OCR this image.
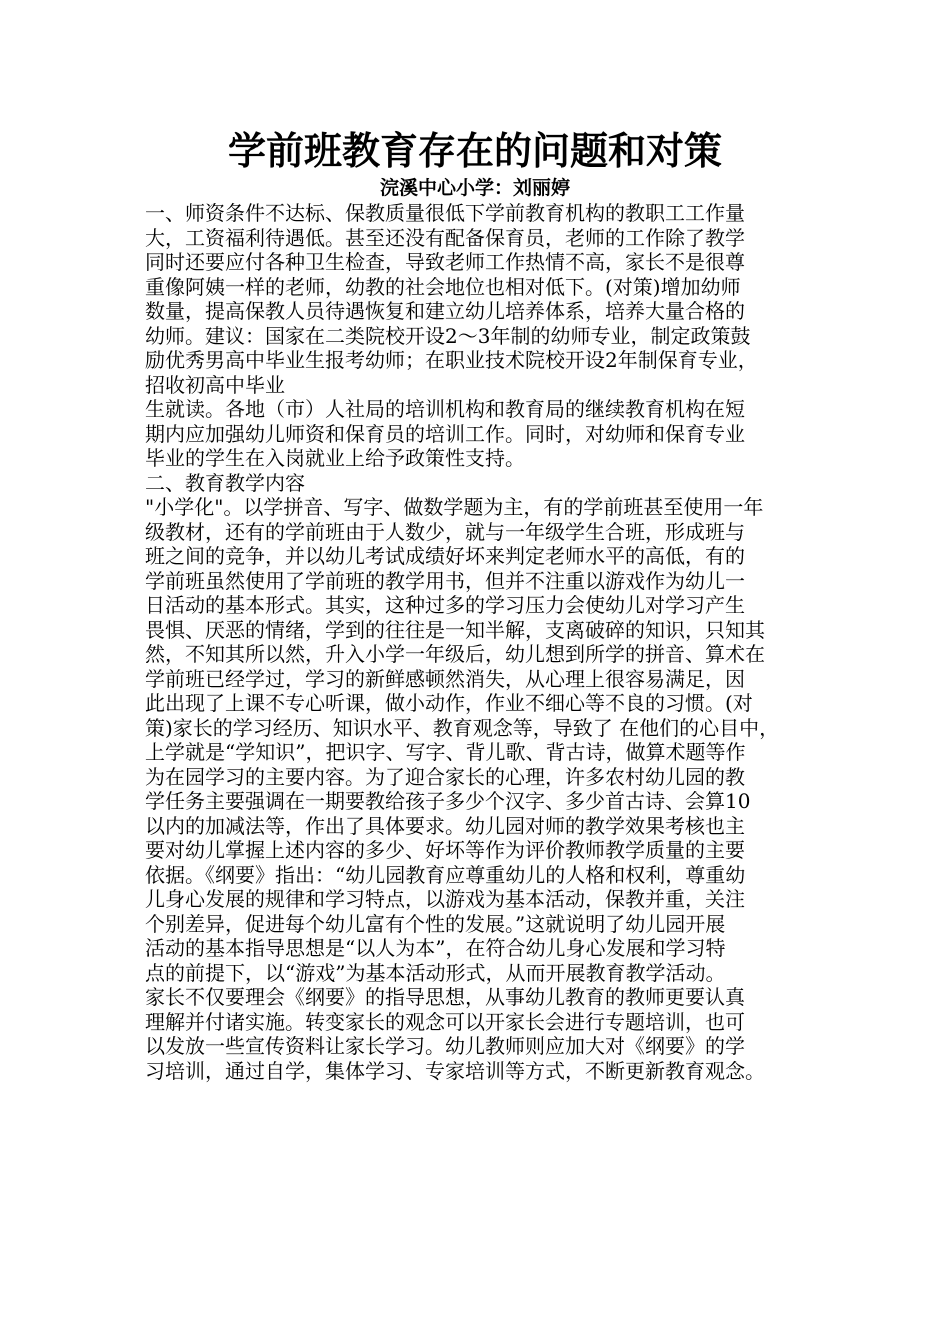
学前班教育存在的问题和对策
浣溪中心小学：刘丽婷
一、师资条件不达标、保教质量很低下学前教育机构的教职工工作量
大，工资福利待遇低。甚至还没有配备保育员，老师的工作除了教学
同时还要应付各种卫生检查，导致老师工作热情不高，家长不是很尊
重像阿姨一样的老师，幼教的社会地位也相对低下。(对策)增加幼师
数量，提高保教人员待遇恢复和建立幼儿培养体系，培养大量合格的
幼师。建议：国家在二类院校开设2～3年制的幼师专业，制定政策鼓
励优秀男高中毕业生报考幼师；在职业技术院校开设2年制保育专业，
招收初高中毕业
生就读。各地（市）人社局的培训机构和教育局的继续教育机构在短
期内应加强幼儿师资和保育员的培训工作。同时，对幼师和保育专业
毕业的学生在入岗就业上给予政策性支持。
二、教育教学内容
"小学化"。以学拼音、写字、做数学题为主，有的学前班甚至使用一年
级教材，还有的学前班由于人数少，就与一年级学生合班，形成班与
班之间的竞争，并以幼儿考试成绩好坏来判定老师水平的高低，有的
学前班虽然使用了学前班的教学用书，但并不注重以游戏作为幼儿一
日活动的基本形式。其实，这种过多的学习压力会使幼儿对学习产生
畏惧、厌恶的情绪，学到的往往是一知半解，支离破碎的知识，只知其
然，不知其所以然，升入小学一年级后，幼儿想到所学的拼音、算术在
学前班已经学过，学习的新鲜感顿然消失，从心理上很容易满足，因
此出现了上课不专心听课，做小动作，作业不细心等不良的习惯。(对
策)家长的学习经历、知识水平、教育观念等，导致了 在他们的心目中，
上学就是“学知识”，把识字、写字、背儿歌、背古诗，做算术题等作
为在园学习的主要内容。为了迎合家长的心理，许多农村幼儿园的教
学任务主要强调在一期要教给孩子多少个汉字、多少首古诗、会算10
以内的加减法等，作出了具体要求。幼儿园对师的教学效果考核也主
要对幼儿掌握上述内容的多少、好坏等作为评价教师教学质量的主要
依据。《纲要》指出：“幼儿园教育应尊重幼儿的人格和权利，尊重幼
儿身心发展的规律和学习特点，以游戏为基本活动，保教并重，关注
个别差异，促进每个幼儿富有个性的发展。”这就说明了幼儿园开展
活动的基本指导思想是“以人为本”，在符合幼儿身心发展和学习特
点的前提下，以“游戏”为基本活动形式，从而开展教育教学活动。
家长不仅要理会《纲要》的指导思想，从事幼儿教育的教师更要认真
理解并付诸实施。转变家长的观念可以开家长会进行专题培训，也可
以发放一些宣传资料让家长学习。幼儿教师则应加大对《纲要》的学
习培训，通过自学，集体学习、专家培训等方式，不断更新教育观念。
